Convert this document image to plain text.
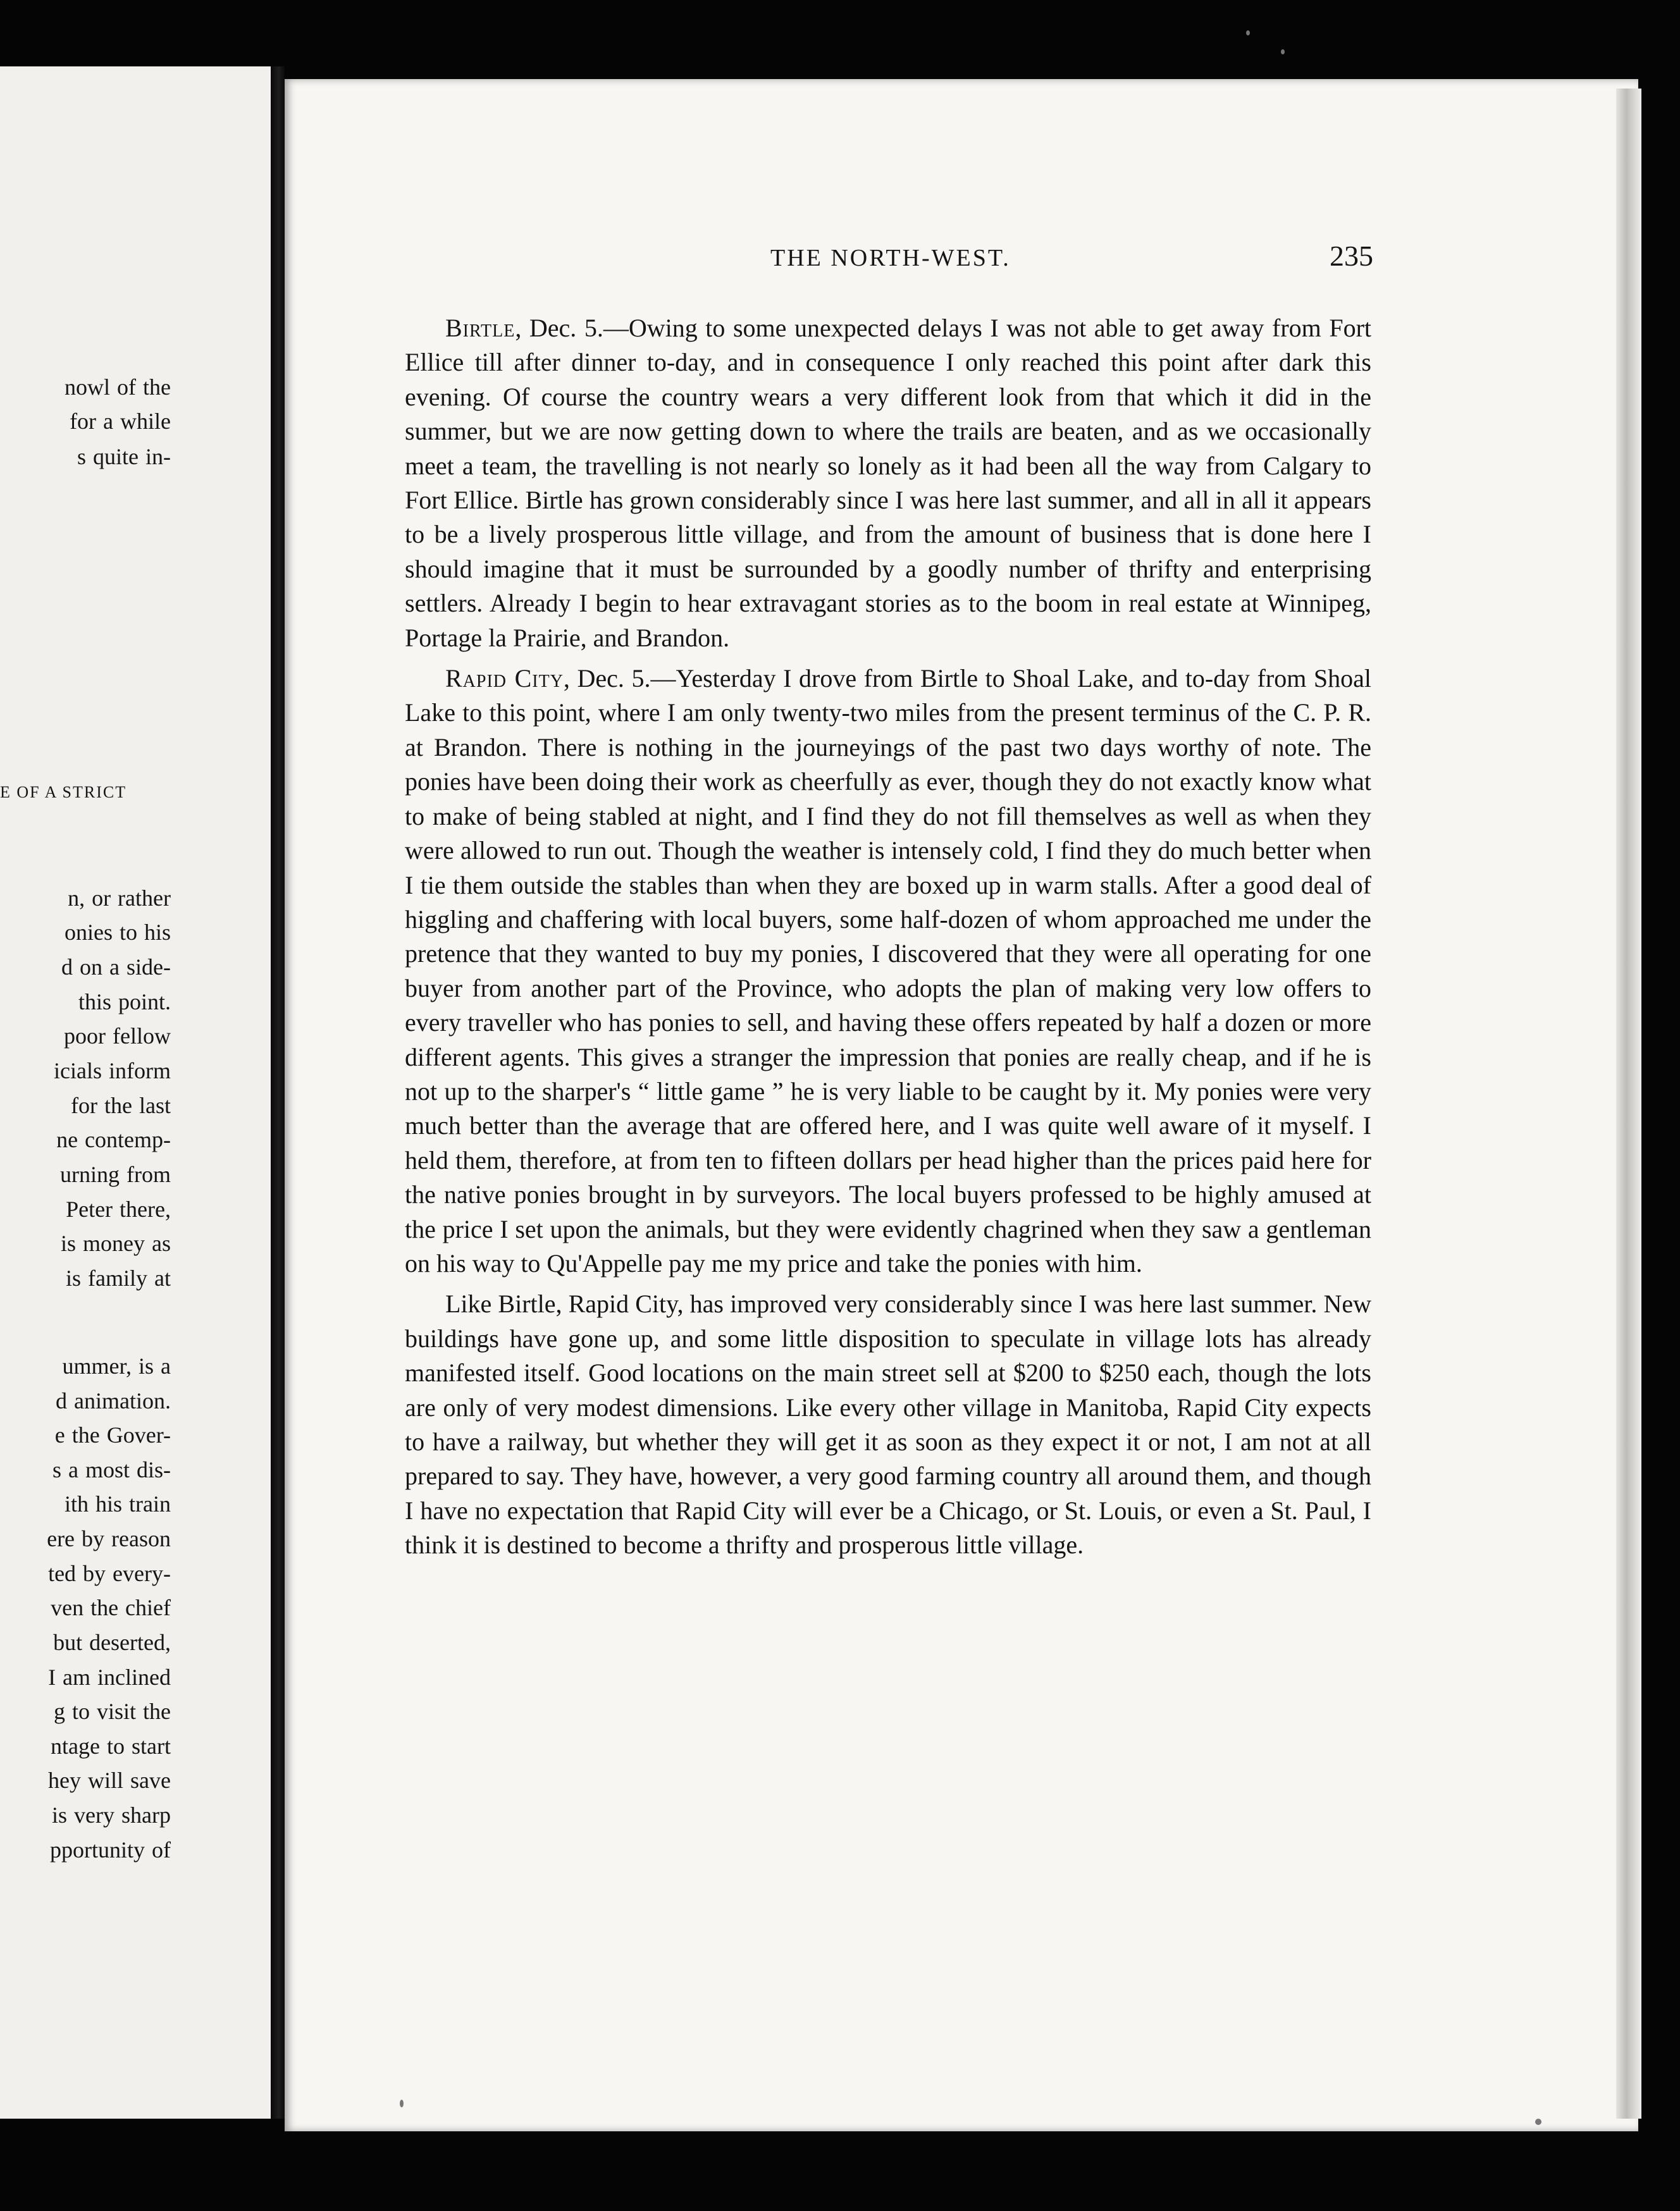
nowl of the
for a while
s quite in-
E OF A STRICT
n, or rather
onies to his
d on a side-
this point.
poor fellow
icials inform
for the last
ne contemp-
urning from
Peter there,
is money as
is family at
ummer, is a
d animation.
e the Gover-
s a most dis-
ith his train
ere by reason
ted by every-
ven the chief
but deserted,
I am inclined
g to visit the
ntage to start
hey will save
is very sharp
pportunity of
THE NORTH-WEST.	235

Birtle, Dec. 5.—Owing to some unexpected delays I was not able to get away from Fort Ellice till after dinner to-day, and in consequence I only reached this point after dark this evening. Of course the country wears a very different look from that which it did in the summer, but we are now getting down to where the trails are beaten, and as we occasionally meet a team, the travelling is not nearly so lonely as it had been all the way from Calgary to Fort Ellice. Birtle has grown considerably since I was here last summer, and all in all it appears to be a lively prosperous little village, and from the amount of business that is done here I should imagine that it must be surrounded by a goodly number of thrifty and enterprising settlers. Already I begin to hear extravagant stories as to the boom in real estate at Winnipeg, Portage la Prairie, and Brandon.

Rapid City, Dec. 5.—Yesterday I drove from Birtle to Shoal Lake, and to-day from Shoal Lake to this point, where I am only twenty-two miles from the present terminus of the C. P. R. at Brandon. There is nothing in the journeyings of the past two days worthy of note. The ponies have been doing their work as cheerfully as ever, though they do not exactly know what to make of being stabled at night, and I find they do not fill themselves as well as when they were allowed to run out. Though the weather is intensely cold, I find they do much better when I tie them outside the stables than when they are boxed up in warm stalls. After a good deal of higgling and chaffering with local buyers, some half-dozen of whom approached me under the pretence that they wanted to buy my ponies, I discovered that they were all operating for one buyer from another part of the Province, who adopts the plan of making very low offers to every traveller who has ponies to sell, and having these offers repeated by half a dozen or more different agents. This gives a stranger the impression that ponies are really cheap, and if he is not up to the sharper's “ little game ” he is very liable to be caught by it. My ponies were very much better than the average that are offered here, and I was quite well aware of it myself. I held them, therefore, at from ten to fifteen dollars per head higher than the prices paid here for the native ponies brought in by surveyors. The local buyers professed to be highly amused at the price I set upon the animals, but they were evidently chagrined when they saw a gentleman on his way to Qu'Appelle pay me my price and take the ponies with him.

Like Birtle, Rapid City, has improved very considerably since I was here last summer. New buildings have gone up, and some little disposition to speculate in village lots has already manifested itself. Good locations on the main street sell at $200 to $250 each, though the lots are only of very modest dimensions. Like every other village in Manitoba, Rapid City expects to have a railway, but whether they will get it as soon as they expect it or not, I am not at all prepared to say. They have, however, a very good farming country all around them, and though I have no expectation that Rapid City will ever be a Chicago, or St. Louis, or even a St. Paul, I think it is destined to become a thrifty and prosperous little village.
